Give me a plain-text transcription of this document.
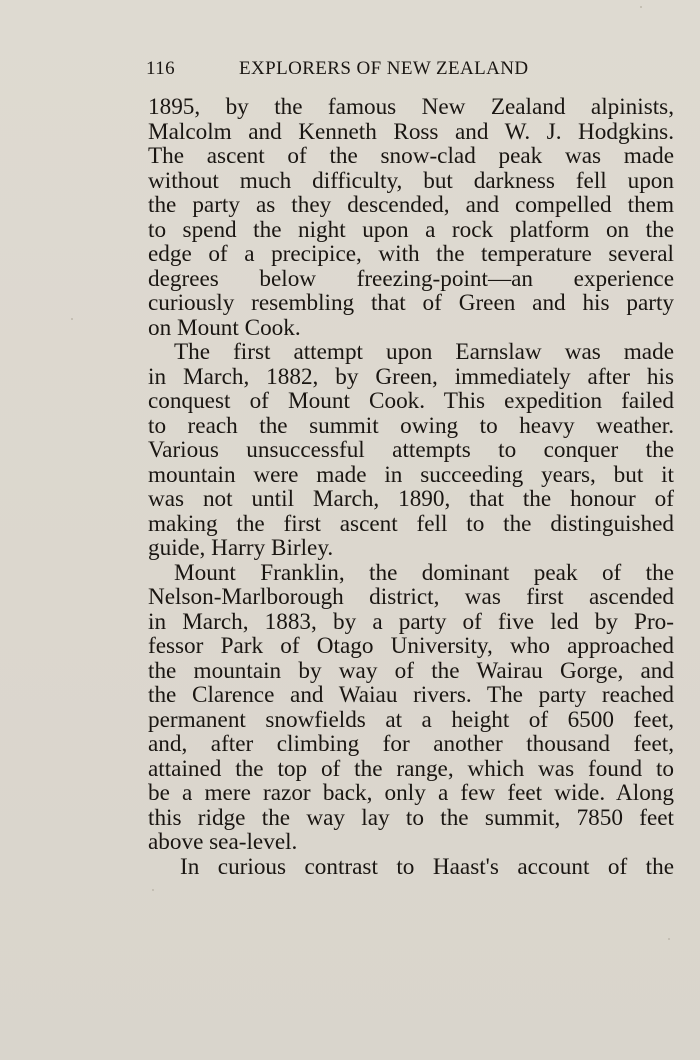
116	EXPLORERS OF NEW ZEALAND
1895, by the famous New Zealand alpinists,
Malcolm and Kenneth Ross and W. J. Hodgkins.
The ascent of the snow-clad peak was made
without much difficulty, but darkness fell upon
the party as they descended, and compelled them
to spend the night upon a rock platform on the
edge of a precipice, with the temperature several
degrees below freezing-point—an experience
curiously resembling that of Green and his party
on Mount Cook.
The first attempt upon Earnslaw was made
in March, 1882, by Green, immediately after his
conquest of Mount Cook. This expedition failed
to reach the summit owing to heavy weather.
Various unsuccessful attempts to conquer the
mountain were made in succeeding years, but it
was not until March, 1890, that the honour of
making the first ascent fell to the distinguished
guide, Harry Birley.
Mount Franklin, the dominant peak of the
Nelson-Marlborough district, was first ascended
in March, 1883, by a party of five led by Pro-
fessor Park of Otago University, who approached
the mountain by way of the Wairau Gorge, and
the Clarence and Waiau rivers. The party reached
permanent snowfields at a height of 6500 feet,
and, after climbing for another thousand feet,
attained the top of the range, which was found to
be a mere razor back, only a few feet wide. Along
this ridge the way lay to the summit, 7850 feet
above sea-level.
In curious contrast to Haast's account of the
